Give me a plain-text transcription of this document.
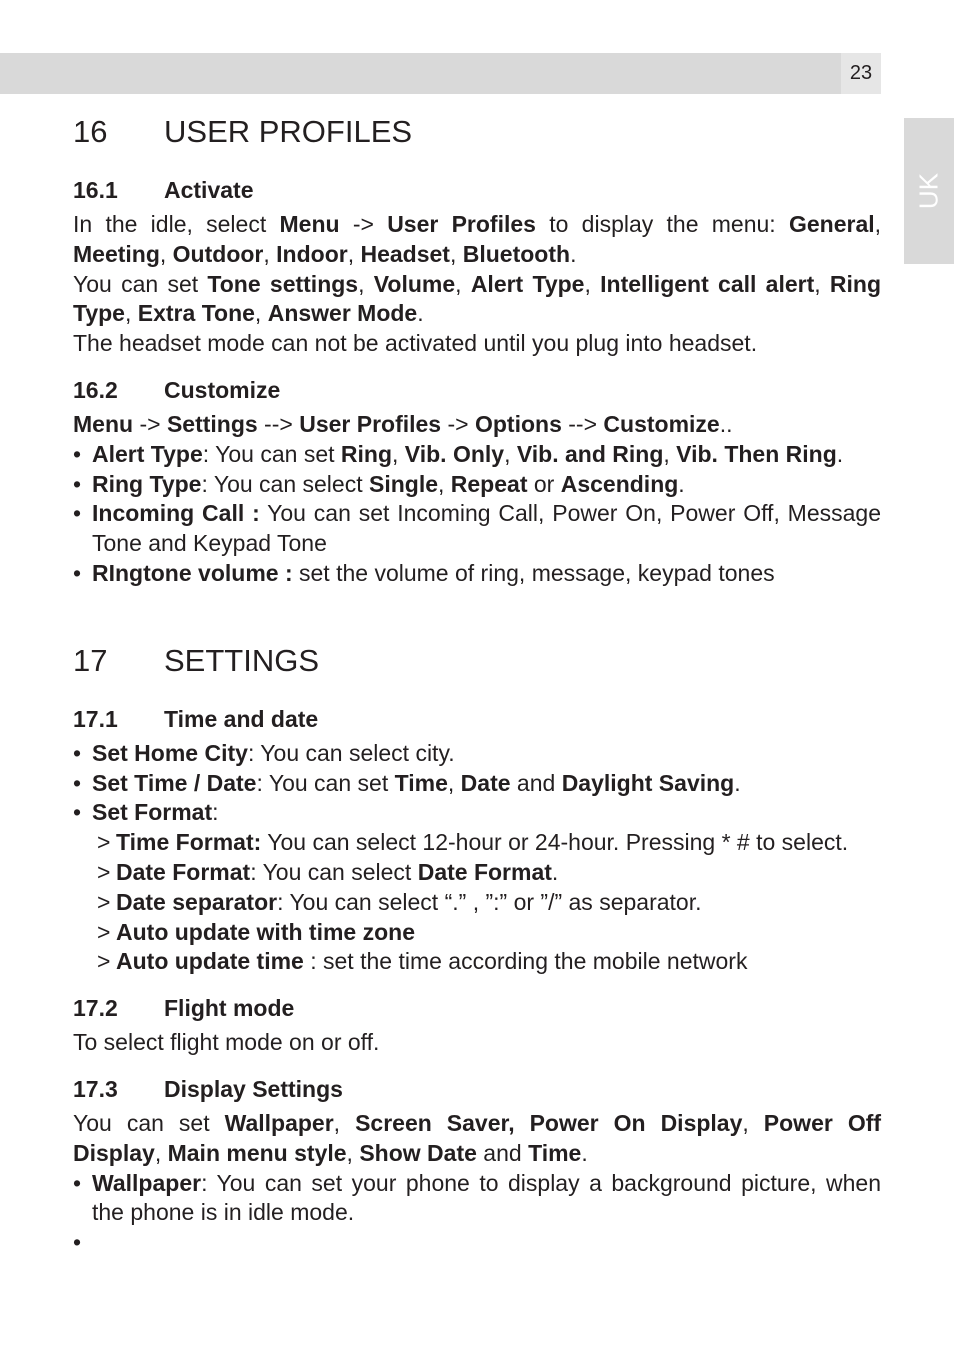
23
UK
16 USER PROFILES
16.1 Activate

In the idle, select Menu -> User Profiles to display the menu: General, Meeting, Outdoor, Indoor, Headset, Bluetooth.

You can set Tone settings, Volume, Alert Type, Intelligent call alert, Ring Type, Extra Tone, Answer Mode.

The headset mode can not be activated until you plug into headset.

16.2 Customize

Menu -> Settings --> User Profiles -> Options --> Customize..

• Alert Type: You can set Ring, Vib. Only, Vib. and Ring, Vib. Then Ring.
• Ring Type: You can select Single, Repeat or Ascending.
• Incoming Call : You can set Incoming Call, Power On, Power Off, Message Tone and Keypad Tone
• RIngtone volume : set the volume of ring, message, keypad tones
17 SETTINGS
17.1 Time and date
• Set Home City: You can select city.
• Set Time / Date: You can set Time, Date and Daylight Saving.
• Set Format:
> Time Format: You can select 12-hour or 24-hour. Pressing * # to select.
> Date Format: You can select Date Format.
> Date separator: You can select “.” , ”:” or ”/” as separator.
> Auto update with time zone
> Auto update time : set the time according the mobile network
17.2 Flight mode

To select flight mode on or off.

17.3 Display Settings

You can set Wallpaper, Screen Saver, Power On Display, Power Off Display, Main menu style, Show Date and Time.

• Wallpaper: You can set your phone to display a background picture, when the phone is in idle mode.
•
